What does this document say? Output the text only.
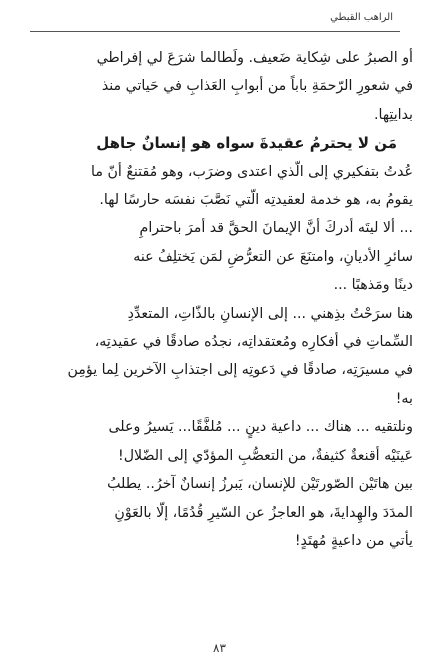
الراهب القبطي
أو الصبرُ على شِكاية ضَعيف. ولَطالما شرَعَ لي إفراطي
في شعورِ الرّحمَةِ باباً من أبوابِ العَذابِ في حَياتي منذ
بدايتِها.
مَن لا يحترمُ عقيدةَ سواه هو إنسانٌ جاهل
عُدتُ بتفكيري إلى الّذي اعتدى وضرَب، وهو مُقتنعٌ أنّ ما
يقومُ به، هو خدمة لعقيدتِه الّتي نَصَّبَ نفسَه حارسًا لها.
... ألا ليتَه أدركَ أنَّ الإيمانَ الحقَّ قد أمرَ باحترامِ
سائرِ الأديانِ، وامتنَعَ عن التعرُّضِ لمَن يَختلِفُ عنه
دينًا ومَذهبًا ...
هنا سرَحْتُ بذِهني ... إلى الإنسانِ بالذّاتِ، المتعدِّدِ
السِّماتِ في أفكارِه ومُعتقداتِه، نجدُه صادقًا في عقيدتِه،
في مسيرَتِه، صادقًا في دَعوتِه إلى اجتذابِ الآخرين لِما يؤمِن
به!
ونلتقيه ... هناك ... داعية دينٍ ... مُلفَّقًا... يَسيرُ وعلى
عَينَيْه أقنعةٌ كثيفةٌ، من التعصُّبِ المؤدّي إلى الضّلال!
بين هاتَيْن الصّورتَيْن للإنسان، يَبرزُ إنسانٌ آخرُ.. يطلبُ
المدَدَ والهِدايةَ، هو العاجزُ عن السّيرِ قُدُمًا، إلّا بالعَوْنِ
يأتي من داعيةٍ مُهتَدٍ!
٨٣
